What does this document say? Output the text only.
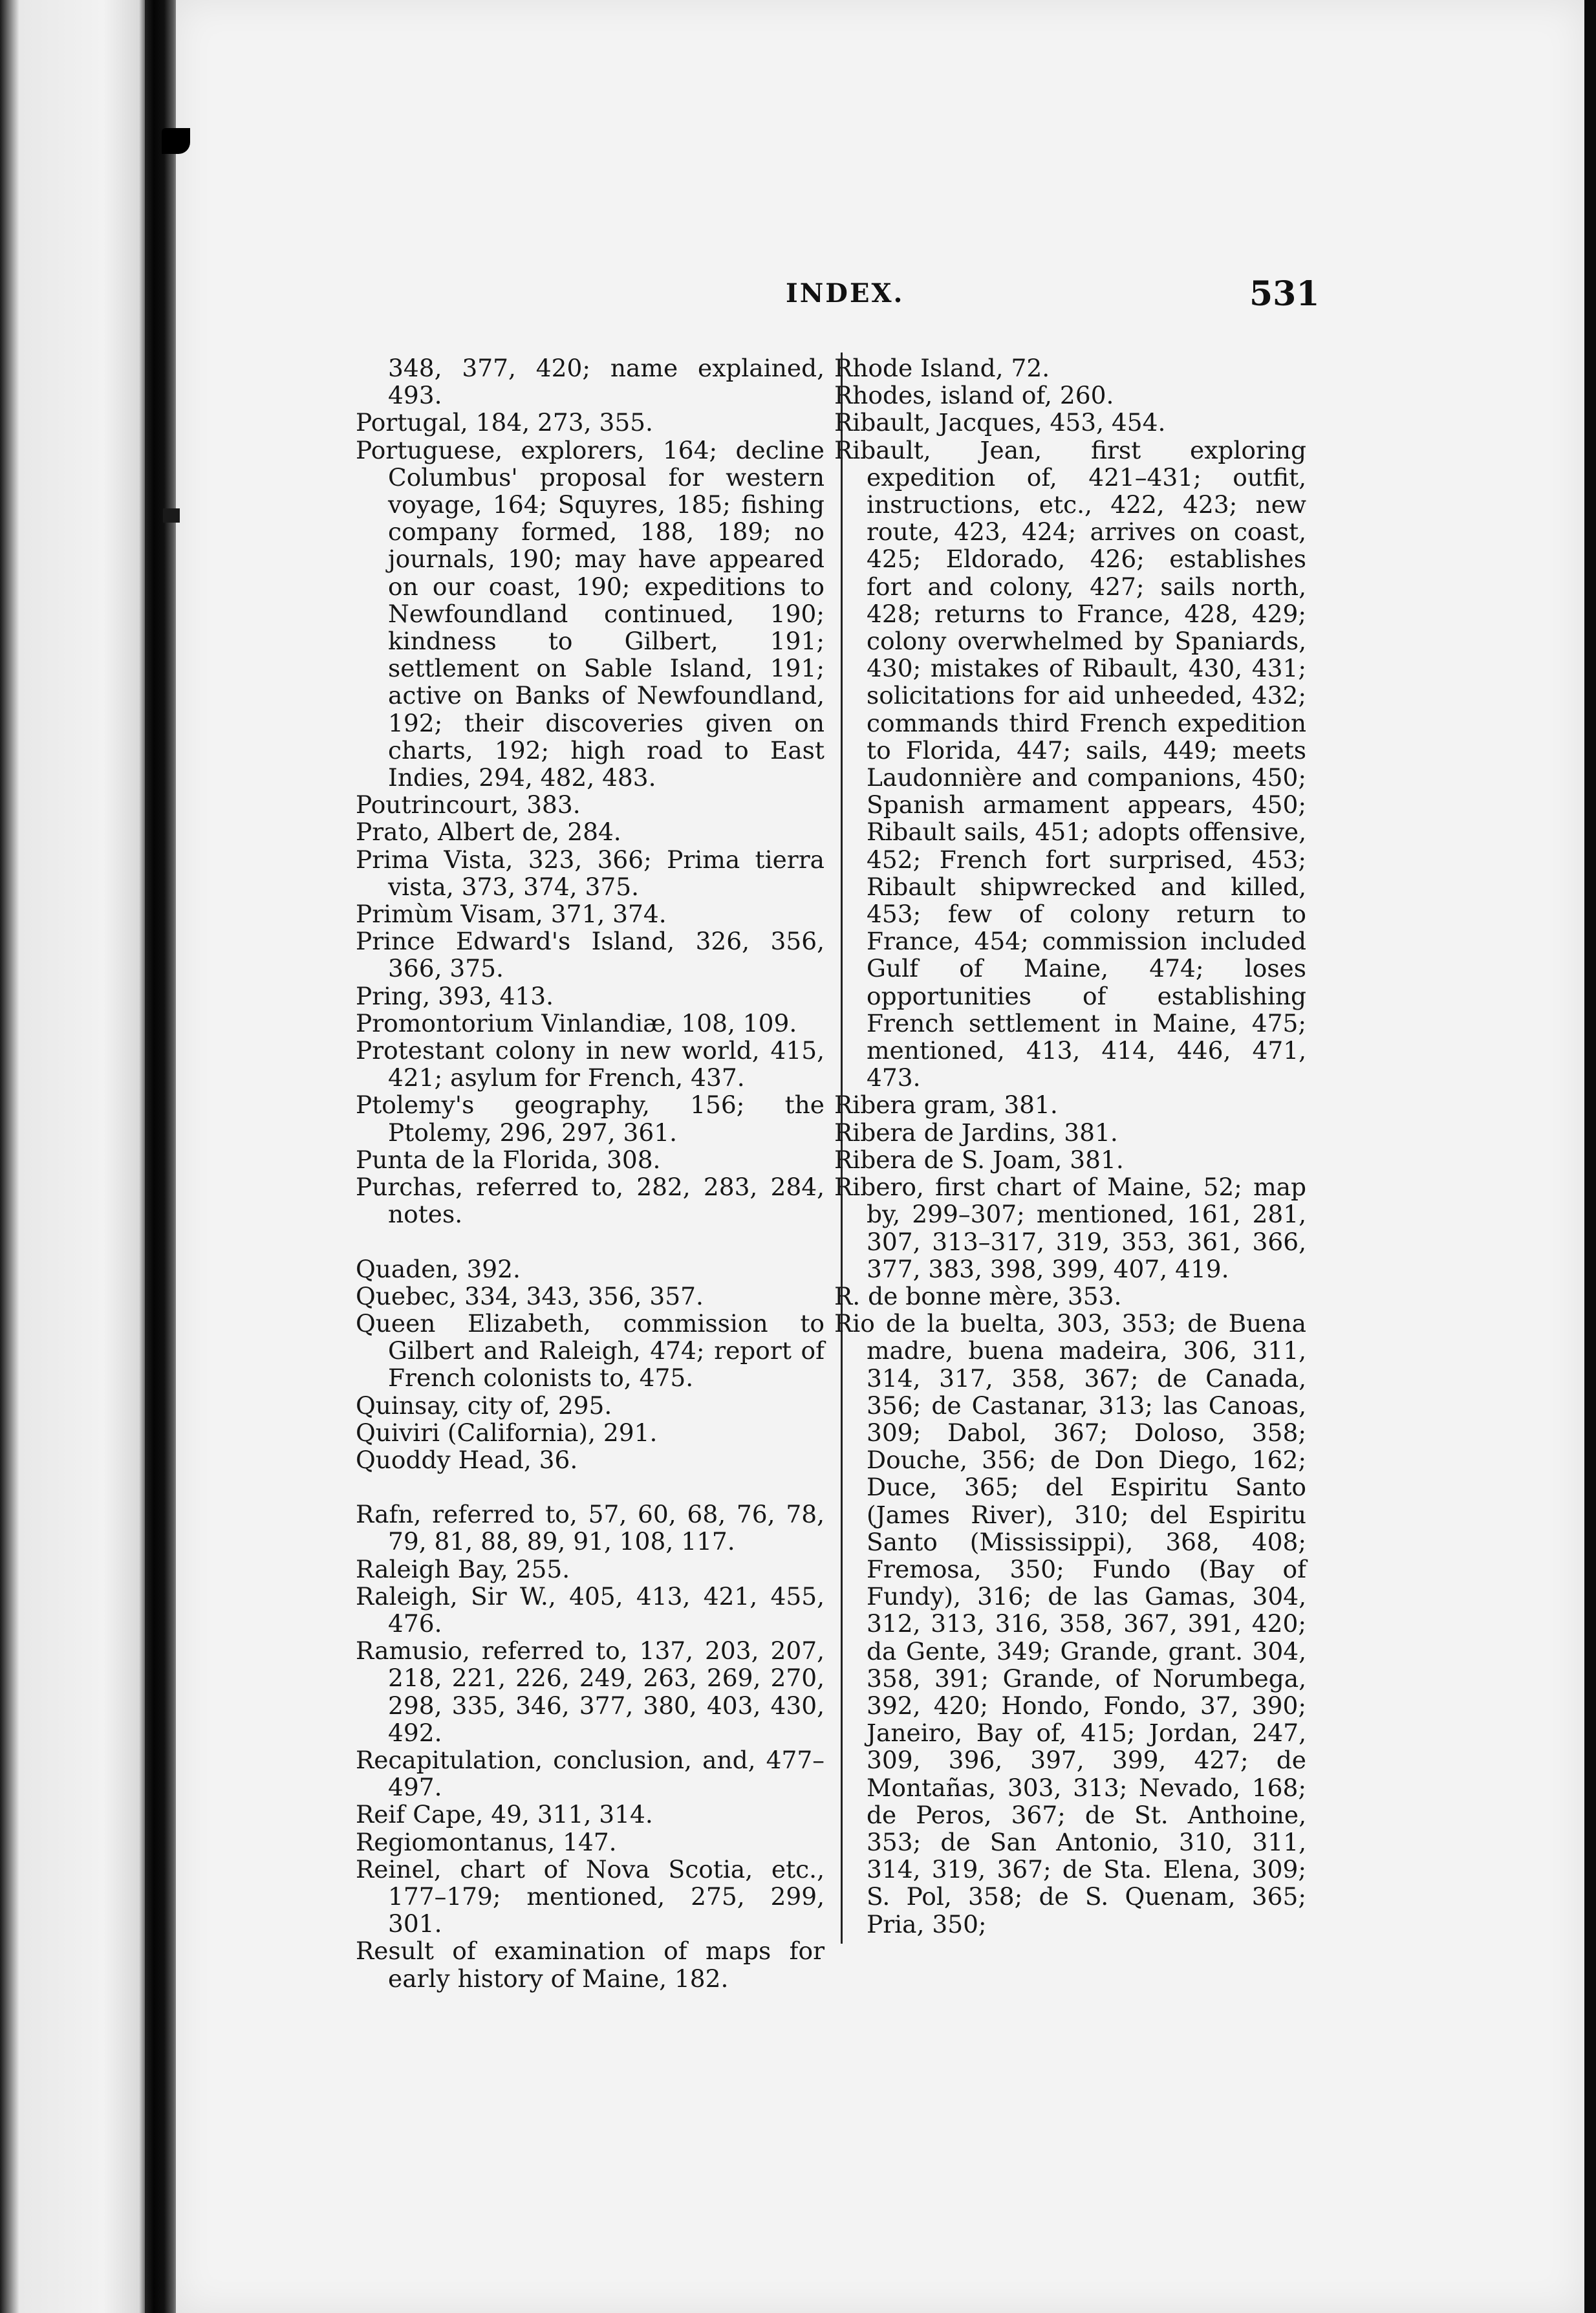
INDEX.	531

348, 377, 420; name explained, 493.

Portugal, 184, 273, 355.

Portuguese, explorers, 164; decline Columbus' proposal for western voyage, 164; Squyres, 185; fishing company formed, 188, 189; no journals, 190; may have appeared on our coast, 190; expeditions to Newfoundland continued, 190; kindness to Gilbert, 191; settlement on Sable Island, 191; active on Banks of Newfoundland, 192; their discoveries given on charts, 192; high road to East Indies, 294, 482, 483.

Poutrincourt, 383.

Prato, Albert de, 284.

Prima Vista, 323, 366; Prima tierra vista, 373, 374, 375.

Primùm Visam, 371, 374.

Prince Edward's Island, 326, 356, 366, 375.

Pring, 393, 413.

Promontorium Vinlandiæ, 108, 109.

Protestant colony in new world, 415, 421; asylum for French, 437.

Ptolemy's geography, 156; the Ptolemy, 296, 297, 361.

Punta de la Florida, 308.

Purchas, referred to, 282, 283, 284, notes.

Quaden, 392.

Quebec, 334, 343, 356, 357.

Queen Elizabeth, commission to Gilbert and Raleigh, 474; report of French colonists to, 475.

Quinsay, city of, 295.

Quiviri (California), 291.

Quoddy Head, 36.

Rafn, referred to, 57, 60, 68, 76, 78, 79, 81, 88, 89, 91, 108, 117.

Raleigh Bay, 255.

Raleigh, Sir W., 405, 413, 421, 455, 476.

Ramusio, referred to, 137, 203, 207, 218, 221, 226, 249, 263, 269, 270, 298, 335, 346, 377, 380, 403, 430, 492.

Recapitulation, conclusion, and, 477–497.

Reif Cape, 49, 311, 314.

Regiomontanus, 147.

Reinel, chart of Nova Scotia, etc., 177–179; mentioned, 275, 299, 301.

Result of examination of maps for early history of Maine, 182.

Rhode Island, 72.

Rhodes, island of, 260.

Ribault, Jacques, 453, 454.

Ribault, Jean, first exploring expedition of, 421–431; outfit, instructions, etc., 422, 423; new route, 423, 424; arrives on coast, 425; Eldorado, 426; establishes fort and colony, 427; sails north, 428; returns to France, 428, 429; colony overwhelmed by Spaniards, 430; mistakes of Ribault, 430, 431; solicitations for aid unheeded, 432; commands third French expedition to Florida, 447; sails, 449; meets Laudonnière and companions, 450; Spanish armament appears, 450; Ribault sails, 451; adopts offensive, 452; French fort surprised, 453; Ribault shipwrecked and killed, 453; few of colony return to France, 454; commission included Gulf of Maine, 474; loses opportunities of establishing French settlement in Maine, 475; mentioned, 413, 414, 446, 471, 473.

Ribera gram, 381.

Ribera de Jardins, 381.

Ribera de S. Joam, 381.

Ribero, first chart of Maine, 52; map by, 299–307; mentioned, 161, 281, 307, 313–317, 319, 353, 361, 366, 377, 383, 398, 399, 407, 419.

R. de bonne mère, 353.

Rio de la buelta, 303, 353; de Buena madre, buena madeira, 306, 311, 314, 317, 358, 367; de Canada, 356; de Castanar, 313; las Canoas, 309; Dabol, 367; Doloso, 358; Douche, 356; de Don Diego, 162; Duce, 365; del Espiritu Santo (James River), 310; del Espiritu Santo (Mississippi), 368, 408; Fremosa, 350; Fundo (Bay of Fundy), 316; de las Gamas, 304, 312, 313, 316, 358, 367, 391, 420; da Gente, 349; Grande, grant. 304, 358, 391; Grande, of Norumbega, 392, 420; Hondo, Fondo, 37, 390; Janeiro, Bay of, 415; Jordan, 247, 309, 396, 397, 399, 427; de Montañas, 303, 313; Nevado, 168; de Peros, 367; de St. Anthoine, 353; de San Antonio, 310, 311, 314, 319, 367; de Sta. Elena, 309; S. Pol, 358; de S. Quenam, 365; Pria, 350;
